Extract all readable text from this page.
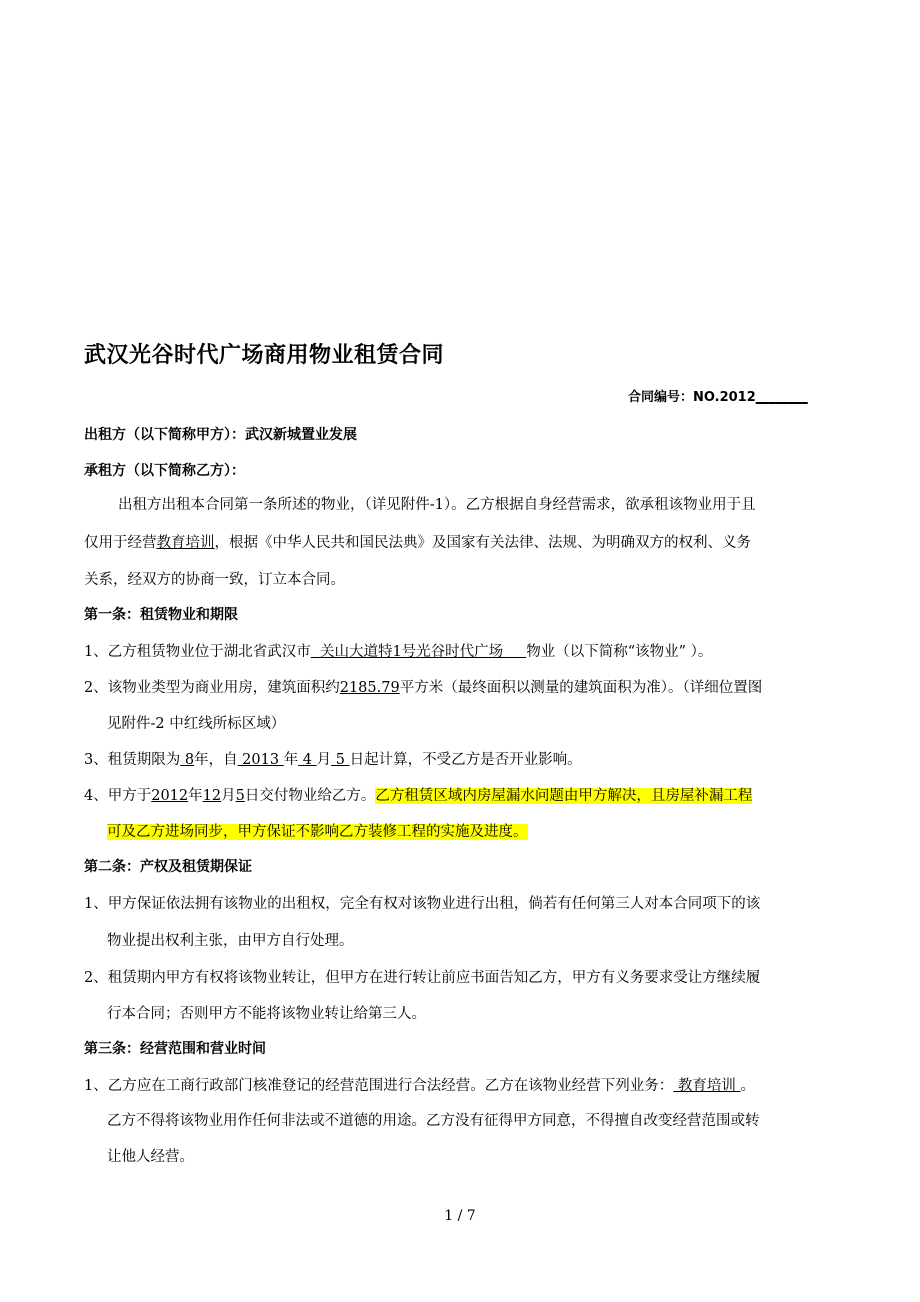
武汉光谷时代广场商用物业租赁合同
合同编号：NO.2012________
出租方（以下简称甲方）：武汉新城置业发展
承租方（以下简称乙方）：
出租方出租本合同第一条所述的物业，（详见附件-1）。乙方根据自身经营需求，欲承租该物业用于且
仅用于经营教育培训，根据《中华人民共和国民法典》及国家有关法律、法规、为明确双方的权利、义务
关系，经双方的协商一致，订立本合同。
第一条：租赁物业和期限
1、乙方租赁物业位于湖北省武汉市  关山大道特1号光谷时代广场     物业（以下简称“该物业” ）。
2、该物业类型为商业用房，建筑面积约2185.79平方米（最终面积以测量的建筑面积为准）。（详细位置图
见附件-2 中红线所标区域）
3、租赁期限为 8年，自 2013 年 4 月 5 日起计算，不受乙方是否开业影响。
4、甲方于2012年12月5日交付物业给乙方。乙方租赁区域内房屋漏水问题由甲方解决，且房屋补漏工程
可及乙方进场同步，甲方保证不影响乙方装修工程的实施及进度。
第二条：产权及租赁期保证
1、甲方保证依法拥有该物业的出租权，完全有权对该物业进行出租，倘若有任何第三人对本合同项下的该
物业提出权利主张，由甲方自行处理。
2、租赁期内甲方有权将该物业转让，但甲方在进行转让前应书面告知乙方，甲方有义务要求受让方继续履
行本合同；否则甲方不能将该物业转让给第三人。
第三条：经营范围和营业时间
1、乙方应在工商行政部门核准登记的经营范围进行合法经营。乙方在该物业经营下列业务： 教育培训 。
乙方不得将该物业用作任何非法或不道德的用途。乙方没有征得甲方同意，不得擅自改变经营范围或转
让他人经营。
1 / 7
